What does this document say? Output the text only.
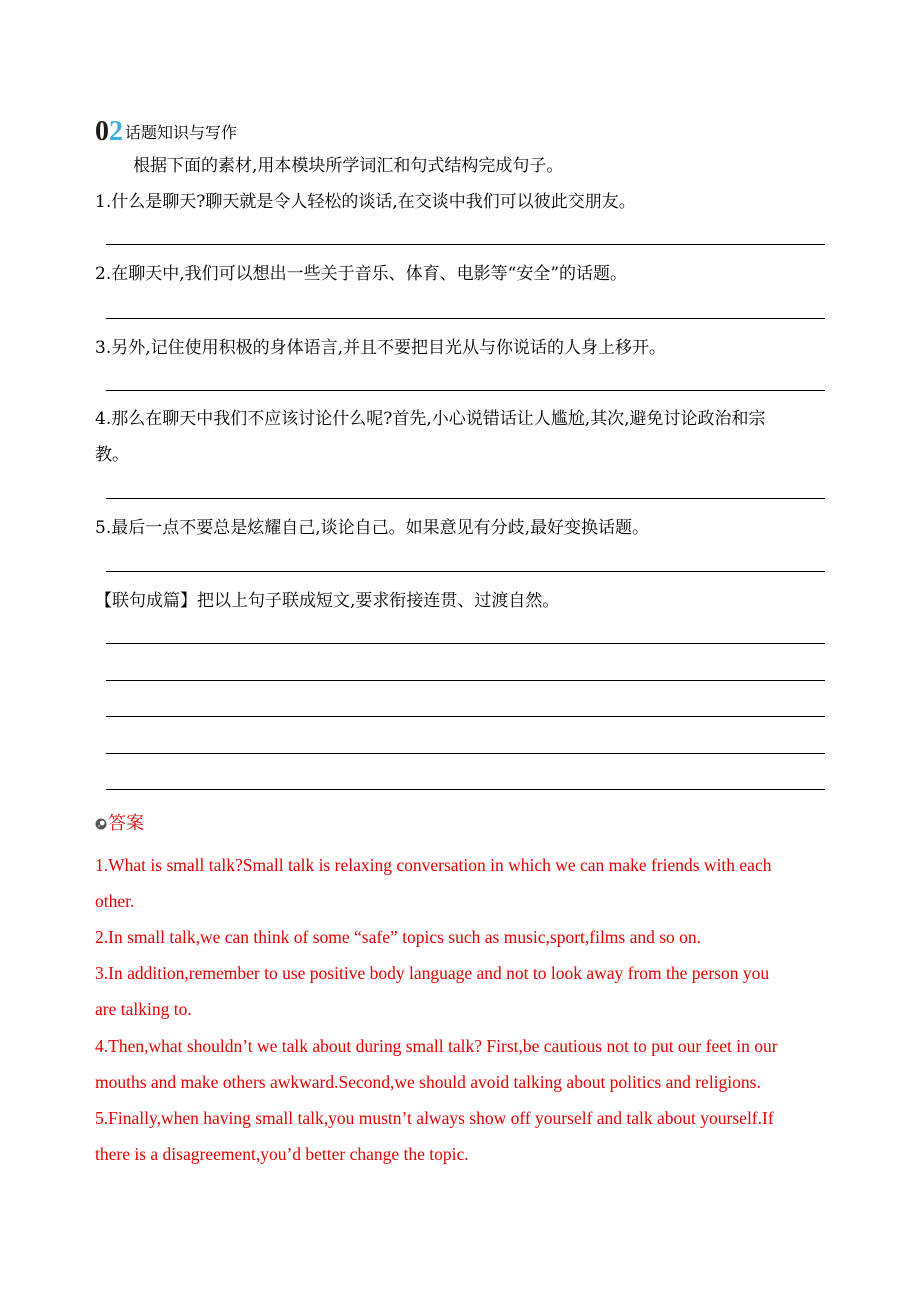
0 2 话题知识与写作
根据下面的素材,用本模块所学词汇和句式结构完成句子。
1.什么是聊天?聊天就是令人轻松的谈话,在交谈中我们可以彼此交朋友。
2.在聊天中,我们可以想出一些关于音乐、体育、电影等“安全”的话题。
3.另外,记住使用积极的身体语言,并且不要把目光从与你说话的人身上移开。
4.那么在聊天中我们不应该讨论什么呢?首先,小心说错话让人尴尬,其次,避免讨论政治和宗
教。
5.最后一点不要总是炫耀自己,谈论自己。如果意见有分歧,最好变换话题。
【联句成篇】把以上句子联成短文,要求衔接连贯、过渡自然。
答案
1.What is small talk?Small talk is relaxing conversation in which we can make friends with each
other.
2.In small talk,we can think of some “safe” topics such as music,sport,films and so on.
3.In addition,remember to use positive body language and not to look away from the person you
are talking to.
4.Then,what shouldn’t we talk about during small talk? First,be cautious not to put our feet in our
mouths and make others awkward.Second,we should avoid talking about politics and religions.
5.Finally,when having small talk,you mustn’t always show off yourself and talk about yourself.If
there is a disagreement,you’d better change the topic.
